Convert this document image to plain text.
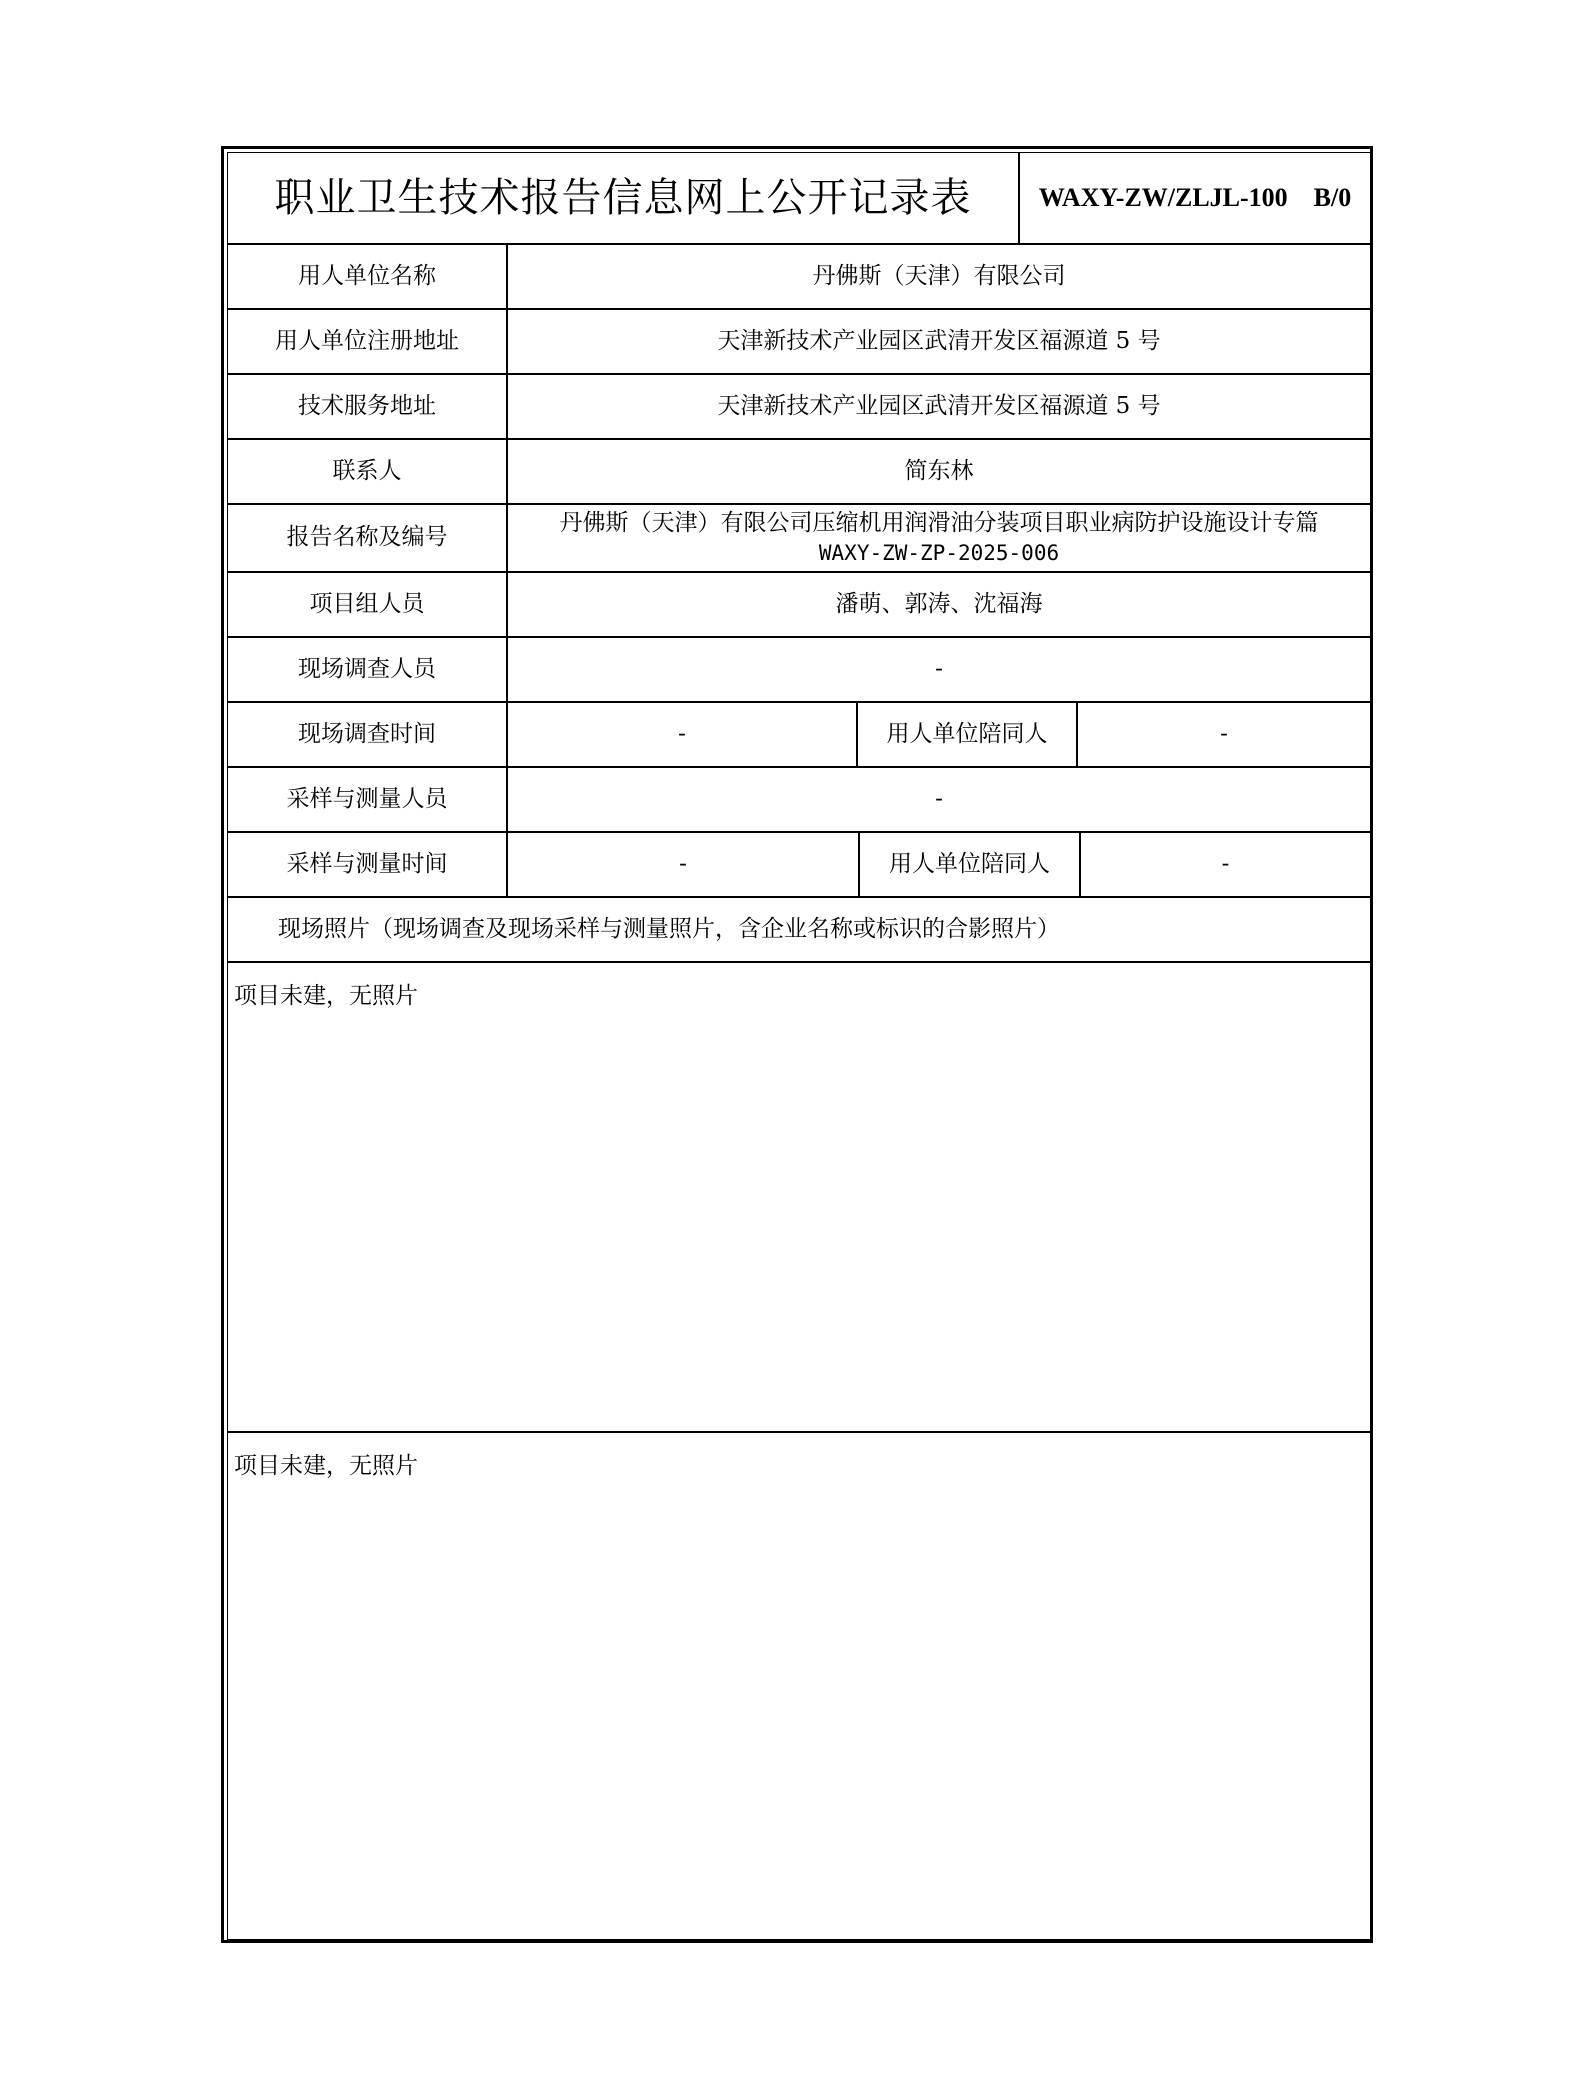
职业卫生技术报告信息网上公开记录表	WAXY-ZW/ZLJL-100    B/0
用人单位名称	丹佛斯（天津）有限公司
用人单位注册地址	天津新技术产业园区武清开发区福源道 5 号
技术服务地址	天津新技术产业园区武清开发区福源道 5 号
联系人	简东林
报告名称及编号
丹佛斯（天津）有限公司压缩机用润滑油分装项目职业病防护设施设计专篇
WAXY-ZW-ZP-2025-006
项目组人员	潘萌、郭涛、沈福海
现场调查人员	-
现场调查时间	-	用人单位陪同人	-
采样与测量人员	-
采样与测量时间	-	用人单位陪同人	-
现场照片（现场调查及现场采样与测量照片，含企业名称或标识的合影照片）
项目未建，无照片
项目未建，无照片
